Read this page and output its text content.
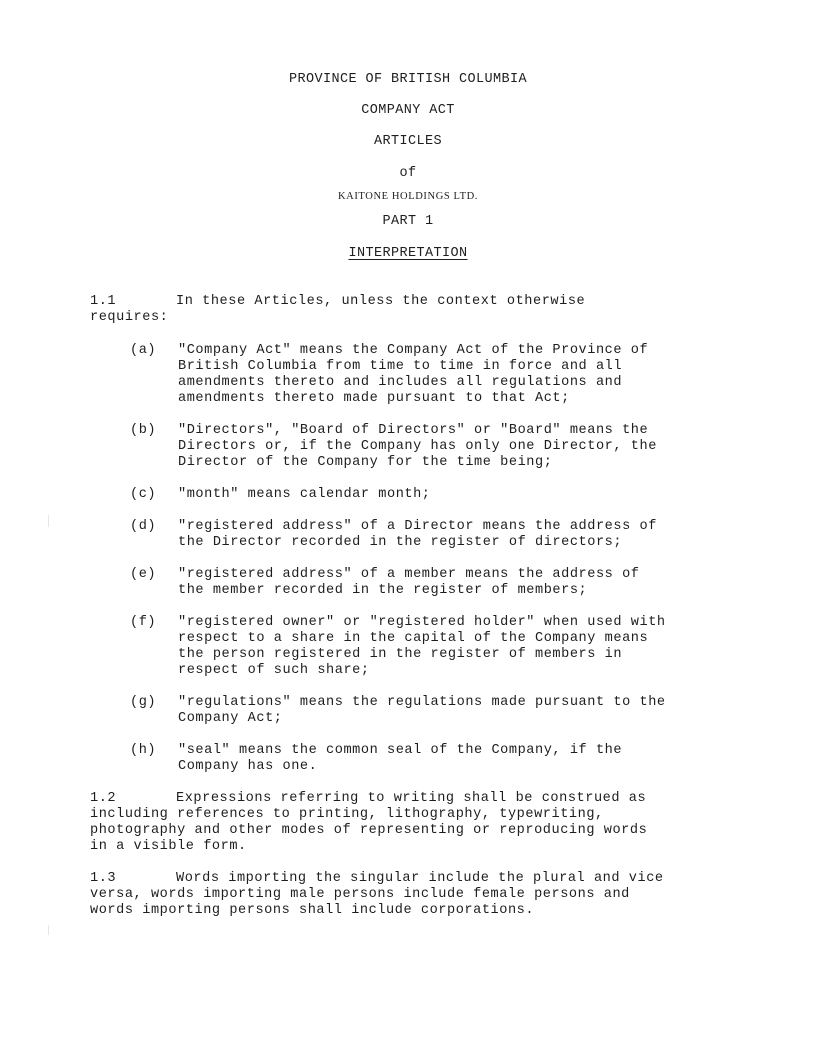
PROVINCE OF BRITISH COLUMBIA
COMPANY ACT
ARTICLES
of
KAITONE HOLDINGS LTD.
PART 1
INTERPRETATION
1.1	In these Articles, unless the context otherwise
requires:
(a)	"Company Act" means the Company Act of the Province of
British Columbia from time to time in force and all
amendments thereto and includes all regulations and
amendments thereto made pursuant to that Act;
(b)	"Directors", "Board of Directors" or "Board" means the
Directors or, if the Company has only one Director, the
Director of the Company for the time being;
(c)	"month" means calendar month;
(d)	"registered address" of a Director means the address of
the Director recorded in the register of directors;
(e)	"registered address" of a member means the address of
the member recorded in the register of members;
(f)	"registered owner" or "registered holder" when used with
respect to a share in the capital of the Company means
the person registered in the register of members in
respect of such share;
(g)	"regulations" means the regulations made pursuant to the
Company Act;
(h)	"seal" means the common seal of the Company, if the
Company has one.
1.2	Expressions referring to writing shall be construed as
including references to printing, lithography, typewriting,
photography and other modes of representing or reproducing words
in a visible form.
1.3	Words importing the singular include the plural and vice
versa, words importing male persons include female persons and
words importing persons shall include corporations.
